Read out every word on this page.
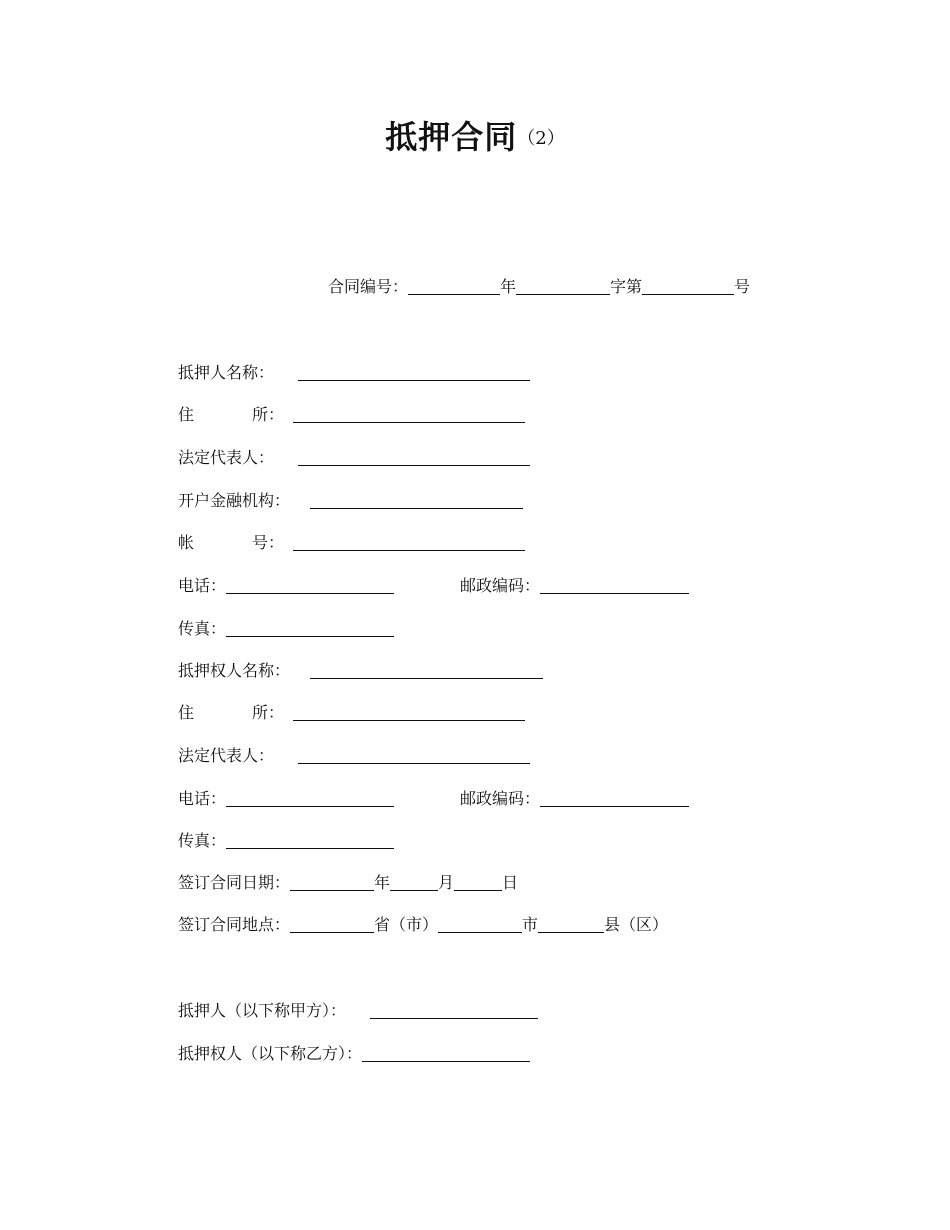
抵押合同（2）
合同编号：	年	字第	号
抵押人名称：
住	所：
法定代表人：
开户金融机构：
帐	号：
电话：	邮政编码：
传真：
抵押权人名称：
住	所：
法定代表人：
电话：	邮政编码：
传真：
签订合同日期：	年	月	日
签订合同地点：	省（市）	市	县（区）
抵押人（以下称甲方）：
抵押权人（以下称乙方）：
